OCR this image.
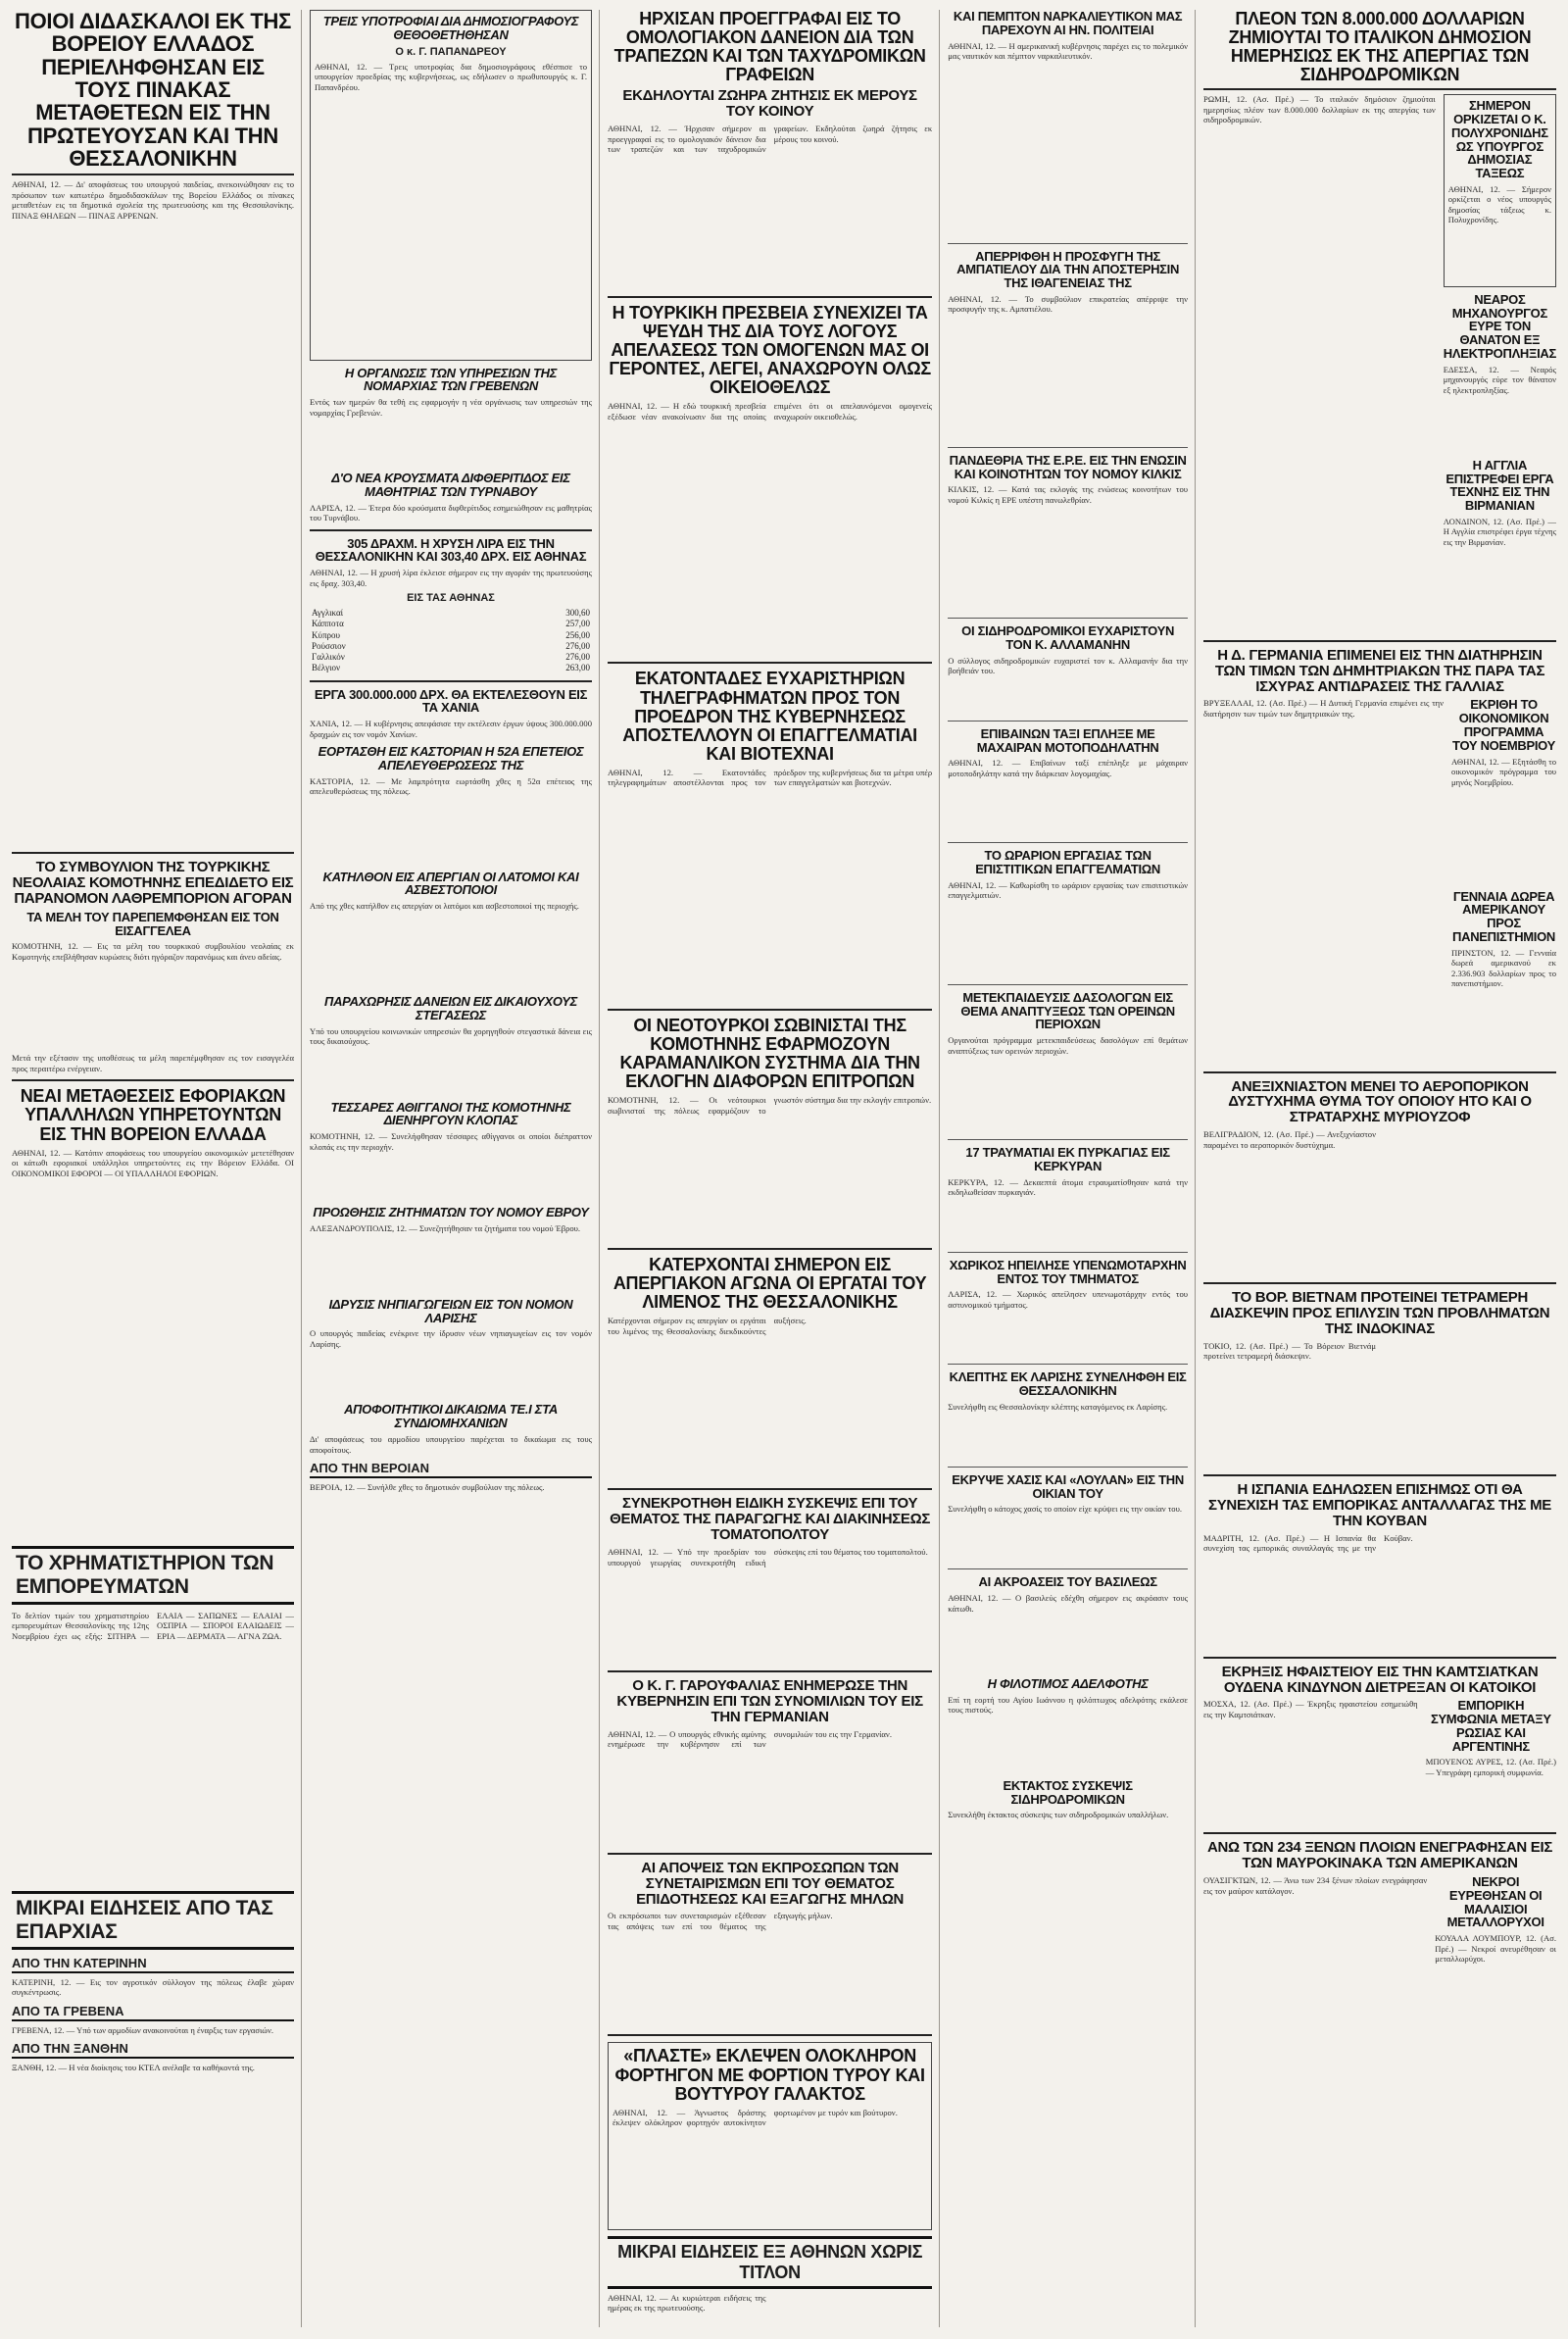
ΠΟΙΟΙ ΔΙΔΑΣΚΑΛΟΙ ΕΚ ΤΗΣ ΒΟΡΕΙΟΥ ΕΛΛΑΔΟΣ ΠΕΡΙΕΛΗΦΘΗΣΑΝ ΕΙΣ ΤΟΥΣ ΠΙΝΑΚΑΣ ΜΕΤΑΘΕΤΕΩΝ ΕΙΣ ΤΗΝ ΠΡΩΤΕΥΟΥΣΑΝ ΚΑΙ ΤΗΝ ΘΕΣΣΑΛΟΝΙΚΗΝ
ΑΘΗΝΑΙ, 12. — Δι' αποφάσεως του υπουργού παιδείας, ανεκοινώθησαν εις το πρόσωπον των κατωτέρω δημοδιδασκάλων της Βορείου Ελλάδος οι πίνακες μεταθετέων εις τα δημοτικά σχολεία της πρωτευούσης και της Θεσσαλονίκης. ΠΙΝΑΞ ΘΗΛΕΩΝ — ΠΙΝΑΞ ΑΡΡΕΝΩΝ.
ΤΟ ΣΥΜΒΟΥΛΙΟΝ ΤΗΣ ΤΟΥΡΚΙΚΗΣ ΝΕΟΛΑΙΑΣ ΚΟΜΟΤΗΝΗΣ ΕΠΕΔΙΔΕΤΟ ΕΙΣ ΠΑΡΑΝΟΜΟΝ ΛΑΘΡΕΜΠΟΡΙΟΝ ΑΓΟΡΑΝ
ΤΑ ΜΕΛΗ ΤΟΥ ΠΑΡΕΠΕΜΦΘΗΣΑΝ ΕΙΣ ΤΟΝ ΕΙΣΑΓΓΕΛΕΑ
ΚΟΜΟΤΗΝΗ, 12. — Εις τα μέλη του τουρκικού συμβουλίου νεολαίας εκ Κομοτηνής επεβλήθησαν κυρώσεις διότι ηγόραζον παρανόμως και άνευ αδείας.
Μετά την εξέτασιν της υποθέσεως τα μέλη παρεπέμφθησαν εις τον εισαγγελέα προς περαιτέρω ενέργειαν.
ΝΕΑΙ ΜΕΤΑΘΕΣΕΙΣ ΕΦΟΡΙΑΚΩΝ ΥΠΑΛΛΗΛΩΝ ΥΠΗΡΕΤΟΥΝΤΩΝ ΕΙΣ ΤΗΝ ΒΟΡΕΙΟΝ ΕΛΛΑΔΑ
ΑΘΗΝΑΙ, 12. — Κατόπιν αποφάσεως του υπουργείου οικονομικών μετετέθησαν οι κάτωθι εφοριακοί υπάλληλοι υπηρετούντες εις την Βόρειον Ελλάδα. ΟΙ ΟΙΚΟΝΟΜΙΚΟΙ ΕΦΟΡΟΙ — ΟΙ ΥΠΑΛΛΗΛΟΙ ΕΦΟΡΙΩΝ.
ΤΟ ΧΡΗΜΑΤΙΣΤΗΡΙΟΝ ΤΩΝ ΕΜΠΟΡΕΥΜΑΤΩΝ
Το δελτίον τιμών του χρηματιστηρίου εμπορευμάτων Θεσσαλονίκης της 12ης Νοεμβρίου έχει ως εξής: ΣΙΤΗΡΑ — ΕΛΑΙΑ — ΣΑΠΩΝΕΣ — ΕΛΑΙΑΙ — ΟΣΠΡΙΑ — ΣΠΟΡΟΙ ΕΛΑΙΩΔΕΙΣ — ΕΡΙΑ — ΔΕΡΜΑΤΑ — ΑΓΝΑ ΖΩΑ.
ΜΙΚΡΑΙ ΕΙΔΗΣΕΙΣ ΑΠΟ ΤΑΣ ΕΠΑΡΧΙΑΣ
ΑΠΟ ΤΗΝ ΚΑΤΕΡΙΝΗΝ
ΚΑΤΕΡΙΝΗ, 12. — Εις τον αγροτικόν σύλλογον της πόλεως έλαβε χώραν συγκέντρωσις.
ΑΠΟ ΤΑ ΓΡΕΒΕΝΑ
ΓΡΕΒΕΝΑ, 12. — Υπό των αρμοδίων ανακοινούται η έναρξις των εργασιών.
ΑΠΟ ΤΗΝ ΞΑΝΘΗΝ
ΞΑΝΘΗ, 12. — Η νέα διοίκησις του ΚΤΕΛ ανέλαβε τα καθήκοντά της.
ΤΡΕΙΣ ΥΠΟΤΡΟΦΙΑΙ ΔΙΑ ΔΗΜΟΣΙΟΓΡΑΦΟΥΣ ΘΕΘΟΘΕΤΗΘΗΣΑΝ
Ο κ. Γ. ΠΑΠΑΝΔΡΕΟΥ
ΑΘΗΝΑΙ, 12. — Τρεις υποτροφίας δια δημοσιογράφους εθέσπισε το υπουργείον προεδρίας της κυβερνήσεως, ως εδήλωσεν ο πρωθυπουργός κ. Γ. Παπανδρέου.
Η ΟΡΓΑΝΩΣΙΣ ΤΩΝ ΥΠΗΡΕΣΙΩΝ ΤΗΣ ΝΟΜΑΡΧΙΑΣ ΤΩΝ ΓΡΕΒΕΝΩΝ
Εντός των ημερών θα τεθή εις εφαρμογήν η νέα οργάνωσις των υπηρεσιών της νομαρχίας Γρεβενών.
Δ'Ο ΝΕΑ ΚΡΟΥΣΜΑΤΑ ΔΙΦΘΕΡΙΤΙΔΟΣ ΕΙΣ ΜΑΘΗΤΡΙΑΣ ΤΩΝ ΤΥΡΝΑΒΟΥ
ΛΑΡΙΣΑ, 12. — Έτερα δύο κρούσματα διφθερίτιδος εσημειώθησαν εις μαθητρίας του Τυρνάβου.
305 ΔΡΑΧΜ. Η ΧΡΥΣΗ ΛΙΡΑ ΕΙΣ ΤΗΝ ΘΕΣΣΑΛΟΝΙΚΗΝ ΚΑΙ 303,40 ΔΡΧ. ΕΙΣ ΑΘΗΝΑΣ
ΑΘΗΝΑΙ, 12. — Η χρυσή λίρα έκλεισε σήμερον εις την αγοράν της πρωτευούσης εις δραχ. 303,40.
ΕΙΣ ΤΑΣ ΑΘΗΝΑΣ
Αγγλικαί	300,60
Κάπποτα	257,00
Κύπρου	256,00
Ρούσσιον	276,00
Γαλλικόν	276,00
Βέλγιον	263,00
ΕΡΓΑ 300.000.000 ΔΡΧ. ΘΑ ΕΚΤΕΛΕΣΘΟΥΝ ΕΙΣ ΤΑ ΧΑΝΙΑ
ΧΑΝΙΑ, 12. — Η κυβέρνησις απεφάσισε την εκτέλεσιν έργων ύψους 300.000.000 δραχμών εις τον νομόν Χανίων.
ΕΟΡΤΑΣΘΗ ΕΙΣ ΚΑΣΤΟΡΙΑΝ Η 52Α ΕΠΕΤΕΙΟΣ ΑΠΕΛΕΥΘΕΡΩΣΕΩΣ ΤΗΣ
ΚΑΣΤΟΡΙΑ, 12. — Με λαμπρότητα εωρτάσθη χθες η 52α επέτειος της απελευθερώσεως της πόλεως.
ΚΑΤΗΛΘΟΝ ΕΙΣ ΑΠΕΡΓΙΑΝ ΟΙ ΛΑΤΟΜΟΙ ΚΑΙ ΑΣΒΕΣΤΟΠΟΙΟΙ
Από της χθες κατήλθον εις απεργίαν οι λατόμοι και ασβεστοποιοί της περιοχής.
ΠΑΡΑΧΩΡΗΣΙΣ ΔΑΝΕΙΩΝ ΕΙΣ ΔΙΚΑΙΟΥΧΟΥΣ ΣΤΕΓΑΣΕΩΣ
Υπό του υπουργείου κοινωνικών υπηρεσιών θα χορηγηθούν στεγαστικά δάνεια εις τους δικαιούχους.
ΤΕΣΣΑΡΕΣ ΑΘΙΓΓΑΝΟΙ ΤΗΣ ΚΟΜΟΤΗΝΗΣ ΔΙΕΝΗΡΓΟΥΝ ΚΛΟΠΑΣ
ΚΟΜΟΤΗΝΗ, 12. — Συνελήφθησαν τέσσαρες αθίγγανοι οι οποίοι διέπραττον κλοπάς εις την περιοχήν.
ΠΡΟΩΘΗΣΙΣ ΖΗΤΗΜΑΤΩΝ ΤΟΥ ΝΟΜΟΥ ΕΒΡΟΥ
ΑΛΕΞΑΝΔΡΟΥΠΟΛΙΣ, 12. — Συνεζητήθησαν τα ζητήματα του νομού Έβρου.
ΙΔΡΥΣΙΣ ΝΗΠΙΑΓΩΓΕΙΩΝ ΕΙΣ ΤΟΝ ΝΟΜΟΝ ΛΑΡΙΣΗΣ
Ο υπουργός παιδείας ενέκρινε την ίδρυσιν νέων νηπιαγωγείων εις τον νομόν Λαρίσης.
ΑΠΟΦΟΙΤΗΤΙΚΟΙ ΔΙΚΑΙΩΜΑ ΤΕ.Ι ΣΤΑ ΣΥΝΔΙΟΜΗΧΑΝΙΩΝ
Δι' αποφάσεως του αρμοδίου υπουργείου παρέχεται το δικαίωμα εις τους αποφοίτους.
ΑΠΟ ΤΗΝ ΒΕΡΟΙΑΝ
ΒΕΡΟΙΑ, 12. — Συνήλθε χθες το δημοτικόν συμβούλιον της πόλεως.
ΗΡΧΙΣΑΝ ΠΡΟΕΓΓΡΑΦΑΙ ΕΙΣ ΤΟ ΟΜΟΛΟΓΙΑΚΟΝ ΔΑΝΕΙΟΝ ΔΙΑ ΤΩΝ ΤΡΑΠΕΖΩΝ ΚΑΙ ΤΩΝ ΤΑΧΥΔΡΟΜΙΚΩΝ ΓΡΑΦΕΙΩΝ
ΕΚΔΗΛΟΥΤΑΙ ΖΩΗΡΑ ΖΗΤΗΣΙΣ ΕΚ ΜΕΡΟΥΣ ΤΟΥ ΚΟΙΝΟΥ
ΑΘΗΝΑΙ, 12. — Ήρχισαν σήμερον αι προεγγραφαί εις το ομολογιακόν δάνειον δια των τραπεζών και των ταχυδρομικών γραφείων. Εκδηλούται ζωηρά ζήτησις εκ μέρους του κοινού.
Η ΤΟΥΡΚΙΚΗ ΠΡΕΣΒΕΙΑ ΣΥΝΕΧΙΖΕΙ ΤΑ ΨΕΥΔΗ ΤΗΣ ΔΙΑ ΤΟΥΣ ΛΟΓΟΥΣ ΑΠΕΛΑΣΕΩΣ ΤΩΝ ΟΜΟΓΕΝΩΝ ΜΑΣ ΟΙ ΓΕΡΟΝΤΕΣ, ΛΕΓΕΙ, ΑΝΑΧΩΡΟΥΝ ΟΛΩΣ ΟΙΚΕΙΟΘΕΛΩΣ
ΑΘΗΝΑΙ, 12. — Η εδώ τουρκική πρεσβεία εξέδωσε νέαν ανακοίνωσιν δια της οποίας επιμένει ότι οι απελαυνόμενοι ομογενείς αναχωρούν οικειοθελώς.
ΕΚΑΤΟΝΤΑΔΕΣ ΕΥΧΑΡΙΣΤΗΡΙΩΝ ΤΗΛΕΓΡΑΦΗΜΑΤΩΝ ΠΡΟΣ ΤΟΝ ΠΡΟΕΔΡΟΝ ΤΗΣ ΚΥΒΕΡΝΗΣΕΩΣ ΑΠΟΣΤΕΛΛΟΥΝ ΟΙ ΕΠΑΓΓΕΛΜΑΤΙΑΙ ΚΑΙ ΒΙΟΤΕΧΝΑΙ
ΑΘΗΝΑΙ, 12. — Εκατοντάδες τηλεγραφημάτων αποστέλλονται προς τον πρόεδρον της κυβερνήσεως δια τα μέτρα υπέρ των επαγγελματιών και βιοτεχνών.
ΟΙ ΝΕΟΤΟΥΡΚΟΙ ΣΩΒΙΝΙΣΤΑΙ ΤΗΣ ΚΟΜΟΤΗΝΗΣ ΕΦΑΡΜΟΖΟΥΝ ΚΑΡΑΜΑΝΛΙΚΟΝ ΣΥΣΤΗΜΑ ΔΙΑ ΤΗΝ ΕΚΛΟΓΗΝ ΔΙΑΦΟΡΩΝ ΕΠΙΤΡΟΠΩΝ
ΚΟΜΟΤΗΝΗ, 12. — Οι νεότουρκοι σωβινισταί της πόλεως εφαρμόζουν το γνωστόν σύστημα δια την εκλογήν επιτροπών.
ΚΑΤΕΡΧΟΝΤΑΙ ΣΗΜΕΡΟΝ ΕΙΣ ΑΠΕΡΓΙΑΚΟΝ ΑΓΩΝΑ ΟΙ ΕΡΓΑΤΑΙ ΤΟΥ ΛΙΜΕΝΟΣ ΤΗΣ ΘΕΣΣΑΛΟΝΙΚΗΣ
Κατέρχονται σήμερον εις απεργίαν οι εργάται του λιμένος της Θεσσαλονίκης διεκδικούντες αυξήσεις.
ΣΥΝΕΚΡΟΤΗΘΗ ΕΙΔΙΚΗ ΣΥΣΚΕΨΙΣ ΕΠΙ ΤΟΥ ΘΕΜΑΤΟΣ ΤΗΣ ΠΑΡΑΓΩΓΗΣ ΚΑΙ ΔΙΑΚΙΝΗΣΕΩΣ ΤΟΜΑΤΟΠΟΛΤΟΥ
ΑΘΗΝΑΙ, 12. — Υπό την προεδρίαν του υπουργού γεωργίας συνεκροτήθη ειδική σύσκεψις επί του θέματος του τοματοπολτού.
Ο Κ. Γ. ΓΑΡΟΥΦΑΛΙΑΣ ΕΝΗΜΕΡΩΣΕ ΤΗΝ ΚΥΒΕΡΝΗΣΙΝ ΕΠΙ ΤΩΝ ΣΥΝΟΜΙΛΙΩΝ ΤΟΥ ΕΙΣ ΤΗΝ ΓΕΡΜΑΝΙΑΝ
ΑΘΗΝΑΙ, 12. — Ο υπουργός εθνικής αμύνης ενημέρωσε την κυβέρνησιν επί των συνομιλιών του εις την Γερμανίαν.
ΑΙ ΑΠΟΨΕΙΣ ΤΩΝ ΕΚΠΡΟΣΩΠΩΝ ΤΩΝ ΣΥΝΕΤΑΙΡΙΣΜΩΝ ΕΠΙ ΤΟΥ ΘΕΜΑΤΟΣ ΕΠΙΔΟΤΗΣΕΩΣ ΚΑΙ ΕΞΑΓΩΓΗΣ ΜΗΛΩΝ
Οι εκπρόσωποι των συνεταιρισμών εξέθεσαν τας απόψεις των επί του θέματος της εξαγωγής μήλων.
«ΠΛΑΣΤΕ» ΕΚΛΕΨΕΝ ΟΛΟΚΛΗΡΟΝ ΦΟΡΤΗΓΟΝ ΜΕ ΦΟΡΤΙΟΝ ΤΥΡΟΥ ΚΑΙ ΒΟΥΤΥΡΟΥ ΓΑΛΑΚΤΟΣ
ΑΘΗΝΑΙ, 12. — Άγνωστος δράστης έκλεψεν ολόκληρον φορτηγόν αυτοκίνητον φορτωμένον με τυρόν και βούτυρον.
ΜΙΚΡΑΙ ΕΙΔΗΣΕΙΣ ΕΞ ΑΘΗΝΩΝ ΧΩΡΙΣ ΤΙΤΛΟΝ
ΑΘΗΝΑΙ, 12. — Αι κυριώτεραι ειδήσεις της ημέρας εκ της πρωτευούσης.
ΚΑΙ ΠΕΜΠΤΟΝ ΝΑΡΚΑΛΙΕΥΤΙΚΟΝ ΜΑΣ ΠΑΡΕΧΟΥΝ ΑΙ ΗΝ. ΠΟΛΙΤΕΙΑΙ
ΑΘΗΝΑΙ, 12. — Η αμερικανική κυβέρνησις παρέχει εις το πολεμικόν μας ναυτικόν και πέμπτον ναρκαλιευτικόν.
ΑΠΕΡΡΙΦΘΗ Η ΠΡΟΣΦΥΓΗ ΤΗΣ ΑΜΠΑΤΙΕΛΟΥ ΔΙΑ ΤΗΝ ΑΠΟΣΤΕΡΗΣΙΝ ΤΗΣ ΙΘΑΓΕΝΕΙΑΣ ΤΗΣ
ΑΘΗΝΑΙ, 12. — Το συμβούλιον επικρατείας απέρριψε την προσφυγήν της κ. Αμπατιέλου.
ΠΑΝΔΕΘΡΙΑ ΤΗΣ Ε.Ρ.Ε. ΕΙΣ ΤΗΝ ΕΝΩΣΙΝ ΚΑΙ ΚΟΙΝΟΤΗΤΩΝ ΤΟΥ ΝΟΜΟΥ ΚΙΛΚΙΣ
ΚΙΛΚΙΣ, 12. — Κατά τας εκλογάς της ενώσεως κοινοτήτων του νομού Κιλκίς η ΕΡΕ υπέστη πανωλεθρίαν.
ΟΙ ΣΙΔΗΡΟΔΡΟΜΙΚΟΙ ΕΥΧΑΡΙΣΤΟΥΝ ΤΟΝ Κ. ΑΛΛΑΜΑΝΗΝ
Ο σύλλογος σιδηροδρομικών ευχαριστεί τον κ. Αλλαμανήν δια την βοήθειάν του.
ΕΠΙΒΑΙΝΩΝ ΤΑΞΙ ΕΠΛΗΞΕ ΜΕ ΜΑΧΑΙΡΑΝ ΜΟΤΟΠΟΔΗΛΑΤΗΝ
ΑΘΗΝΑΙ, 12. — Επιβαίνων ταξί επέπληξε με μάχαιραν μοτοποδηλάτην κατά την διάρκειαν λογομαχίας.
ΤΟ ΩΡΑΡΙΟΝ ΕΡΓΑΣΙΑΣ ΤΩΝ ΕΠΙΣΤΙΤΙΚΩΝ ΕΠΑΓΓΕΛΜΑΤΙΩΝ
ΑΘΗΝΑΙ, 12. — Καθωρίσθη το ωράριον εργασίας των επισιτιστικών επαγγελματιών.
ΜΕΤΕΚΠΑΙΔΕΥΣΙΣ ΔΑΣΟΛΟΓΩΝ ΕΙΣ ΘΕΜΑ ΑΝΑΠΤΥΞΕΩΣ ΤΩΝ ΟΡΕΙΝΩΝ ΠΕΡΙΟΧΩΝ
Οργανούται πρόγραμμα μετεκπαιδεύσεως δασολόγων επί θεμάτων αναπτύξεως των ορεινών περιοχών.
17 ΤΡΑΥΜΑΤΙΑΙ ΕΚ ΠΥΡΚΑΓΙΑΣ ΕΙΣ ΚΕΡΚΥΡΑΝ
ΚΕΡΚΥΡΑ, 12. — Δεκαεπτά άτομα ετραυματίσθησαν κατά την εκδηλωθείσαν πυρκαγιάν.
ΧΩΡΙΚΟΣ ΗΠΕΙΛΗΣΕ ΥΠΕΝΩΜΟΤΑΡΧΗΝ ΕΝΤΟΣ ΤΟΥ ΤΜΗΜΑΤΟΣ
ΛΑΡΙΣΑ, 12. — Χωρικός απείλησεν υπενωμοτάρχην εντός του αστυνομικού τμήματος.
ΚΛΕΠΤΗΣ ΕΚ ΛΑΡΙΣΗΣ ΣΥΝΕΛΗΦΘΗ ΕΙΣ ΘΕΣΣΑΛΟΝΙΚΗΝ
Συνελήφθη εις Θεσσαλονίκην κλέπτης καταγόμενος εκ Λαρίσης.
ΕΚΡΥΨΕ ΧΑΣΙΣ ΚΑΙ «ΛΟΥΛΑΝ» ΕΙΣ ΤΗΝ ΟΙΚΙΑΝ ΤΟΥ
Συνελήφθη ο κάτοχος χασίς το οποίον είχε κρύψει εις την οικίαν του.
ΑΙ ΑΚΡΟΑΣΕΙΣ ΤΟΥ ΒΑΣΙΛΕΩΣ
ΑΘΗΝΑΙ, 12. — Ο βασιλεύς εδέχθη σήμερον εις ακρόασιν τους κάτωθι.
Η ΦΙΛΟΤΙΜΟΣ ΑΔΕΛΦΟΤΗΣ
Επί τη εορτή του Αγίου Ιωάννου η φιλόπτωχος αδελφότης εκάλεσε τους πιστούς.
ΕΚΤΑΚΤΟΣ ΣΥΣΚΕΨΙΣ ΣΙΔΗΡΟΔΡΟΜΙΚΩΝ
Συνεκλήθη έκτακτος σύσκεψις των σιδηροδρομικών υπαλλήλων.
ΠΛΕΟΝ ΤΩΝ 8.000.000 ΔΟΛΛΑΡΙΩΝ ΖΗΜΙΟΥΤΑΙ ΤΟ ΙΤΑΛΙΚΟΝ ΔΗΜΟΣΙΟΝ ΗΜΕΡΗΣΙΩΣ ΕΚ ΤΗΣ ΑΠΕΡΓΙΑΣ ΤΩΝ ΣΙΔΗΡΟΔΡΟΜΙΚΩΝ
ΡΩΜΗ, 12. (Ασ. Πρέ.) — Το ιταλικόν δημόσιον ζημιούται ημερησίως πλέον των 8.000.000 δολλαρίων εκ της απεργίας των σιδηροδρομικών.
ΣΗΜΕΡΟΝ ΟΡΚΙΖΕΤΑΙ Ο Κ. ΠΟΛΥΧΡΟΝΙΔΗΣ ΩΣ ΥΠΟΥΡΓΟΣ ΔΗΜΟΣΙΑΣ ΤΑΞΕΩΣ
ΑΘΗΝΑΙ, 12. — Σήμερον ορκίζεται ο νέος υπουργός δημοσίας τάξεως κ. Πολυχρονίδης.
ΝΕΑΡΟΣ ΜΗΧΑΝΟΥΡΓΟΣ ΕΥΡΕ ΤΟΝ ΘΑΝΑΤΟΝ ΕΞ ΗΛΕΚΤΡΟΠΛΗΞΙΑΣ
ΕΔΕΣΣΑ, 12. — Νεαρός μηχανουργός εύρε τον θάνατον εξ ηλεκτροπληξίας.
Η ΑΓΓΛΙΑ ΕΠΙΣΤΡΕΦΕΙ ΕΡΓΑ ΤΕΧΝΗΣ ΕΙΣ ΤΗΝ ΒΙΡΜΑΝΙΑΝ
ΛΟΝΔΙΝΟΝ, 12. (Ασ. Πρέ.) — Η Αγγλία επιστρέφει έργα τέχνης εις την Βιρμανίαν.
Η Δ. ΓΕΡΜΑΝΙΑ ΕΠΙΜΕΝΕΙ ΕΙΣ ΤΗΝ ΔΙΑΤΗΡΗΣΙΝ ΤΩΝ ΤΙΜΩΝ ΤΩΝ ΔΗΜΗΤΡΙΑΚΩΝ ΤΗΣ ΠΑΡΑ ΤΑΣ ΙΣΧΥΡΑΣ ΑΝΤΙΔΡΑΣΕΙΣ ΤΗΣ ΓΑΛΛΙΑΣ
ΒΡΥΞΕΛΛΑΙ, 12. (Ασ. Πρέ.) — Η Δυτική Γερμανία επιμένει εις την διατήρησιν των τιμών των δημητριακών της.
ΕΚΡΙΘΗ ΤΟ ΟΙΚΟΝΟΜΙΚΟΝ ΠΡΟΓΡΑΜΜΑ ΤΟΥ ΝΟΕΜΒΡΙΟΥ
ΑΘΗΝΑΙ, 12. — Εξητάσθη το οικονομικόν πρόγραμμα του μηνός Νοεμβρίου.
ΓΕΝΝΑΙΑ ΔΩΡΕΑ ΑΜΕΡΙΚΑΝΟΥ ΠΡΟΣ ΠΑΝΕΠΙΣΤΗΜΙΟΝ
ΠΡΙΝΣΤΟΝ, 12. — Γενναία δωρεά αμερικανού εκ 2.336.903 δολλαρίων προς το πανεπιστήμιον.
ΑΝΕΞΙΧΝΙΑΣΤΟΝ ΜΕΝΕΙ ΤΟ ΑΕΡΟΠΟΡΙΚΟΝ ΔΥΣΤΥΧΗΜΑ ΘΥΜΑ ΤΟΥ ΟΠΟΙΟΥ ΗΤΟ ΚΑΙ Ο ΣΤΡΑΤΑΡΧΗΣ ΜΥΡΙΟΥΖΟΦ
ΒΕΛΙΓΡΑΔΙΟΝ, 12. (Ασ. Πρέ.) — Ανεξιχνίαστον παραμένει το αεροπορικόν δυστύχημα.
ΤΟ ΒΟΡ. ΒΙΕΤΝΑΜ ΠΡΟΤΕΙΝΕΙ ΤΕΤΡΑΜΕΡΗ ΔΙΑΣΚΕΨΙΝ ΠΡΟΣ ΕΠΙΛΥΣΙΝ ΤΩΝ ΠΡΟΒΛΗΜΑΤΩΝ ΤΗΣ ΙΝΔΟΚΙΝΑΣ
ΤΟΚΙΟ, 12. (Ασ. Πρέ.) — Το Βόρειον Βιετνάμ προτείνει τετραμερή διάσκεψιν.
Η ΙΣΠΑΝΙΑ ΕΔΗΛΩΣΕΝ ΕΠΙΣΗΜΩΣ ΟΤΙ ΘΑ ΣΥΝΕΧΙΣΗ ΤΑΣ ΕΜΠΟΡΙΚΑΣ ΑΝΤΑΛΛΑΓΑΣ ΤΗΣ ΜΕ ΤΗΝ ΚΟΥΒΑΝ
ΜΑΔΡΙΤΗ, 12. (Ασ. Πρέ.) — Η Ισπανία θα συνεχίση τας εμπορικάς συναλλαγάς της με την Κούβαν.
ΕΚΡΗΞΙΣ ΗΦΑΙΣΤΕΙΟΥ ΕΙΣ ΤΗΝ ΚΑΜΤΣΙΑΤΚΑΝ ΟΥΔΕΝΑ ΚΙΝΔΥΝΟΝ ΔΙΕΤΡΕΞΑΝ ΟΙ ΚΑΤΟΙΚΟΙ
ΜΟΣΧΑ, 12. (Ασ. Πρέ.) — Έκρηξις ηφαιστείου εσημειώθη εις την Καμτσιάτκαν.
ΕΜΠΟΡΙΚΗ ΣΥΜΦΩΝΙΑ ΜΕΤΑΞΥ ΡΩΣΙΑΣ ΚΑΙ ΑΡΓΕΝΤΙΝΗΣ
ΜΠΟΥΕΝΟΣ ΑΥΡΕΣ, 12. (Ασ. Πρέ.) — Υπεγράφη εμπορική συμφωνία.
ΑΝΩ ΤΩΝ 234 ΞΕΝΩΝ ΠΛΟΙΩΝ ΕΝΕΓΡΑΦΗΣΑΝ ΕΙΣ ΤΩΝ ΜΑΥΡΟΚΙΝΑΚΑ ΤΩΝ ΑΜΕΡΙΚΑΝΩΝ
ΟΥΑΣΙΓΚΤΩΝ, 12. — Άνω των 234 ξένων πλοίων ενεγράφησαν εις τον μαύρον κατάλογον.
ΝΕΚΡΟΙ ΕΥΡΕΘΗΣΑΝ ΟΙ ΜΑΛΑΙΣΙΟΙ ΜΕΤΑΛΛΟΡΥΧΟΙ
ΚΟΥΑΛΑ ΛΟΥΜΠΟΥΡ, 12. (Ασ. Πρέ.) — Νεκροί ανευρέθησαν οι μεταλλωρύχοι.
